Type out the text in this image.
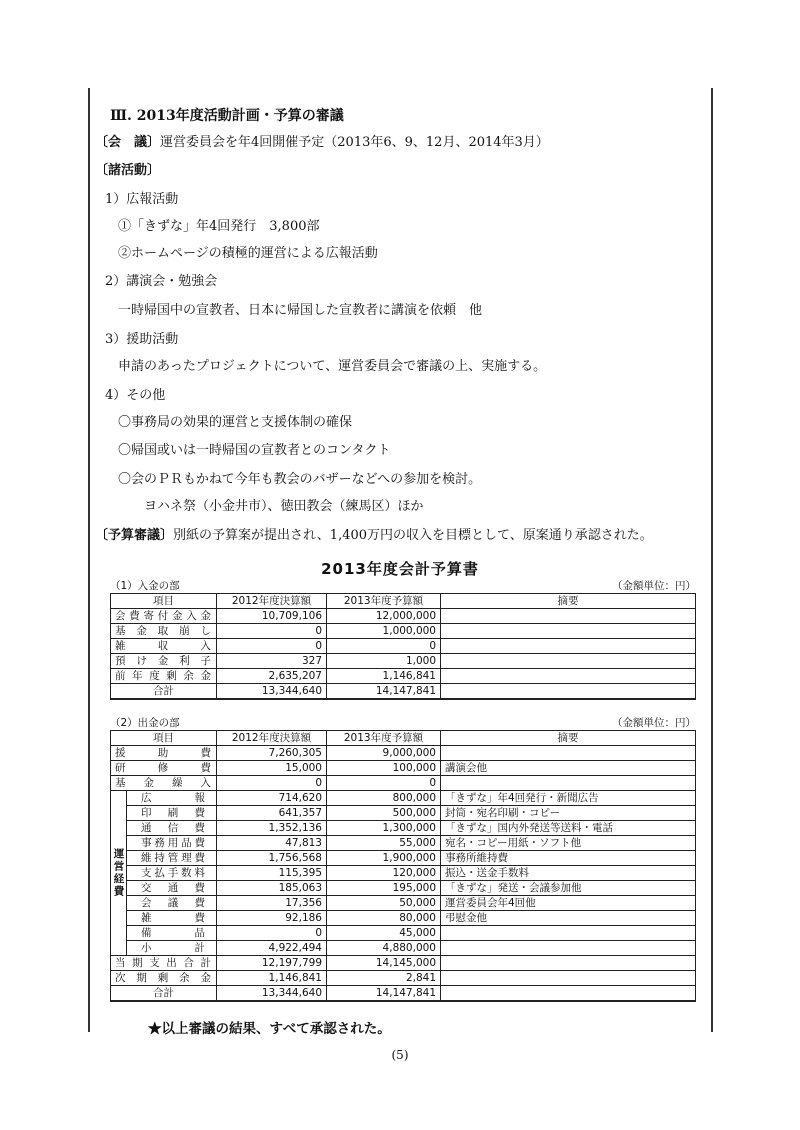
Ⅲ. 2013年度活動計画・予算の審議
〔会　議〕運営委員会を年4回開催予定（2013年6、9、12月、2014年3月）
〔諸活動〕
1）広報活動
①「きずな」年4回発行　3,800部
②ホームページの積極的運営による広報活動
2）講演会・勉強会
一時帰国中の宣教者、日本に帰国した宣教者に講演を依頼　他
3）援助活動
申請のあったプロジェクトについて、運営委員会で審議の上、実施する。
4）その他
〇事務局の効果的運営と支援体制の確保
〇帰国或いは一時帰国の宣教者とのコンタクト
〇会のＰＲもかねて今年も教会のバザーなどへの参加を検討。
ヨハネ祭（小金井市）、徳田教会（練馬区）ほか
〔予算審議〕別紙の予算案が提出され、1,400万円の収入を目標として、原案通り承認された。
2013年度会計予算書
（1）入金の部	（金額単位：円）
項目	2012年度決算額	2013年度予算額	摘要
会費寄付金入金	10,709,106	12,000,000	
基金取崩し	0	1,000,000	
雑収入	0	0	
預け金利子	327	1,000	
前年度剰余金	2,635,207	1,146,841	
合計	13,344,640	14,147,841	
（2）出金の部	（金額単位：円）
項目		2012年度決算額	2013年度予算額	摘要
援助費		7,260,305	9,000,000	
研修費		15,000	100,000	講演会他
基金繰入		0	0	
運営経費	広報	714,620	800,000	「きずな」年4回発行・新聞広告
	印刷費	641,357	500,000	封筒・宛名印刷・コピー
	通信費	1,352,136	1,300,000	「きずな」国内外発送等送料・電話
	事務用品費	47,813	55,000	宛名・コピー用紙・ソフト他
	維持管理費	1,756,568	1,900,000	事務所維持費
	支払手数料	115,395	120,000	振込・送金手数料
	交通費	185,063	195,000	「きずな」発送・会議参加他
	会議費	17,356	50,000	運営委員会年4回他
	雑費	92,186	80,000	弔慰金他
	備品	0	45,000	
	小計	4,922,494	4,880,000	
当期支出合計		12,197,799	14,145,000	
次期剰余金		1,146,841	2,841	
合計		13,344,640	14,147,841	
★以上審議の結果、すべて承認された。
(5)
